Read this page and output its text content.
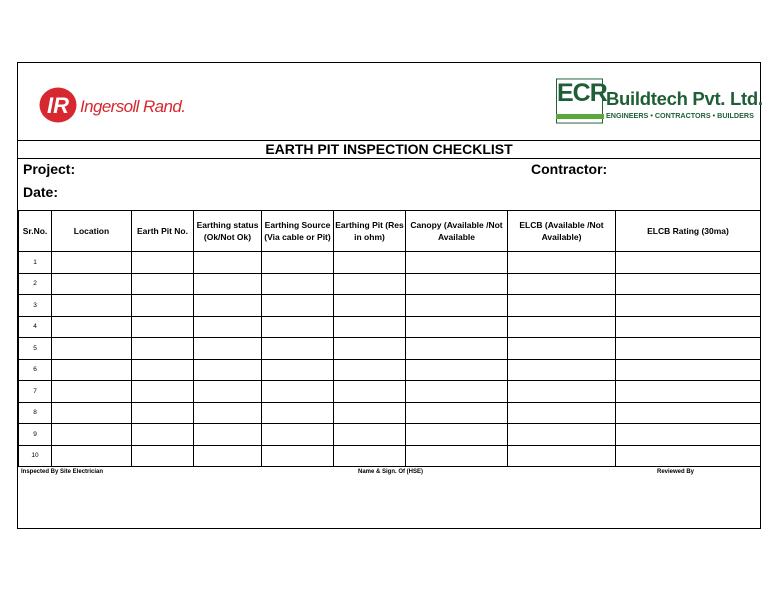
IR Ingersoll Rand.	ECR Buildtech Pvt. Ltd.
ENGINEERS • CONTRACTORS • BUILDERS
EARTH PIT INSPECTION CHECKLIST
Project:	Contractor:
Date:
Sr.No.	Location	Earth Pit No.	Earthing status (Ok/Not Ok)	Earthing Source (Via cable or Pit)	Earthing Pit (Res in ohm)	Canopy (Available /Not Available	ELCB (Available /Not Available)	ELCB Rating (30ma)
1								
2								
3								
4								
5								
6								
7								
8								
9								
10								
Inspected By Site Electrician	Name & Sign. Of (HSE)	Reviewed By
